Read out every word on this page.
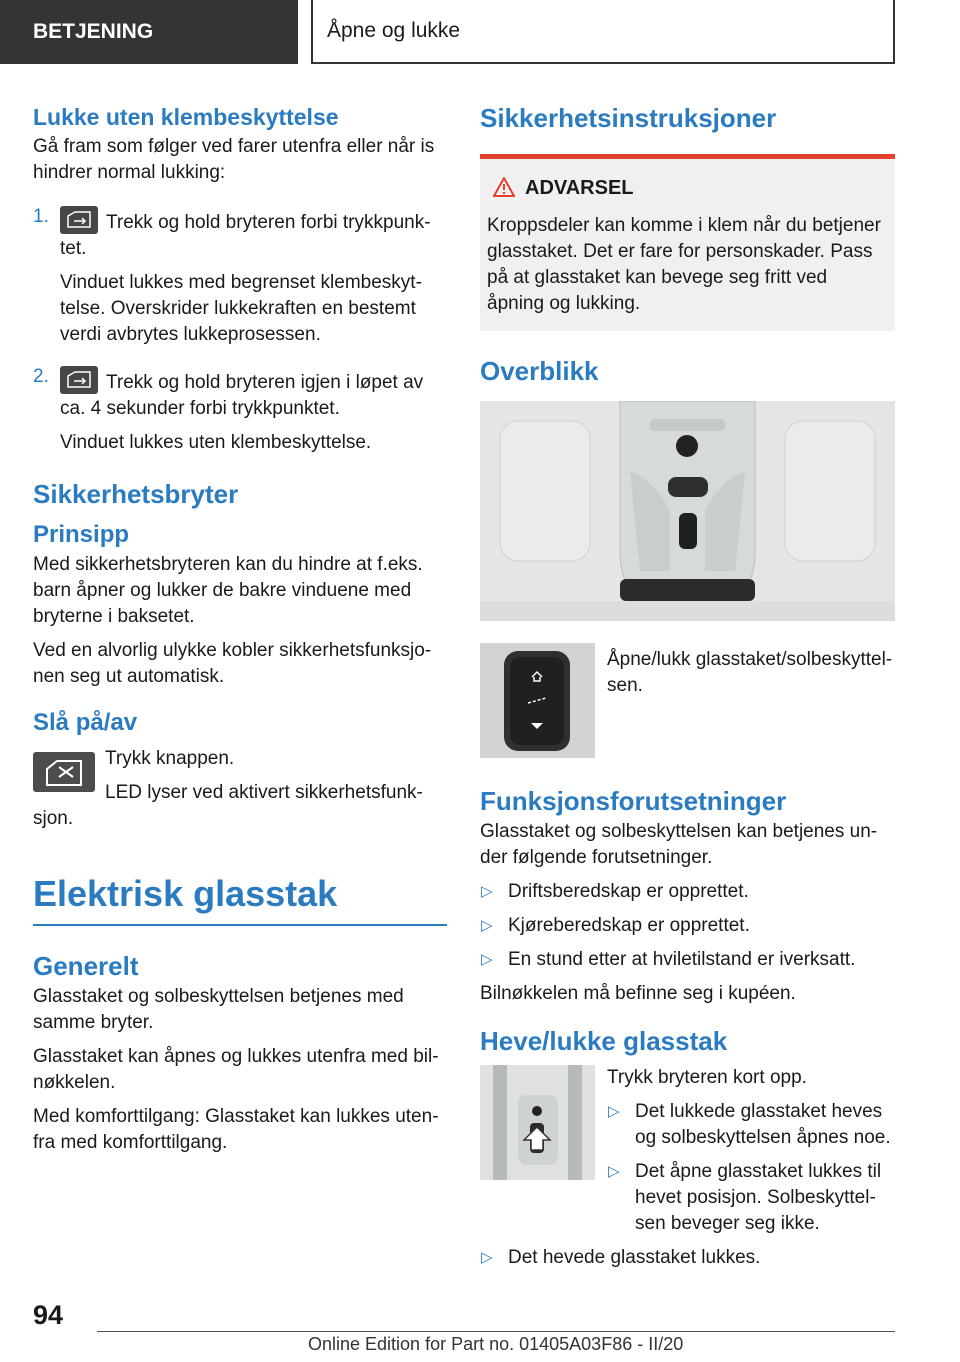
BETJENING	Åpne og lukke
Lukke uten klembeskyttelse

Gå fram som følger ved farer utenfra eller når is hindrer normal lukking:

1.	Trekk og hold bryteren forbi trykkpunk-tet.

Vinduet lukkes med begrenset klembeskyt-telse. Overskrider lukkekraften en bestemt verdi avbrytes lukkeprosessen.

2.	Trekk og hold bryteren igjen i løpet av ca. 4 sekunder forbi trykkpunktet.

Vinduet lukkes uten klembeskyttelse.

Sikkerhetsbryter
Prinsipp

Med sikkerhetsbryteren kan du hindre at f.eks. barn åpner og lukker de bakre vinduene med bryterne i baksetet.

Ved en alvorlig ulykke kobler sikkerhetsfunksjo-nen seg ut automatisk.

Slå på/av

Trykk knappen.

LED lyser ved aktivert sikkerhetsfunk-sjon.

Elektrisk glasstak
Generelt

Glasstaket og solbeskyttelsen betjenes med samme bryter.

Glasstaket kan åpnes og lukkes utenfra med bil-nøkkelen.

Med komforttilgang: Glasstaket kan lukkes uten-fra med komforttilgang.

Sikkerhetsinstruksjoner
ADVARSEL

Kroppsdeler kan komme i klem når du betjener glasstaket. Det er fare for personskader. Pass på at glasstaket kan bevege seg fritt ved åpning og lukking.

Overblikk

Åpne/lukk glasstaket/solbeskyttel-sen.

Funksjonsforutsetninger

Glasstaket og solbeskyttelsen kan betjenes un-der følgende forutsetninger.

▷ Driftsberedskap er opprettet.

▷ Kjøreberedskap er opprettet.

▷ En stund etter at hviletilstand er iverksatt.

Bilnøkkelen må befinne seg i kupéen.

Heve/lukke glasstak

Trykk bryteren kort opp.

▷ Det lukkede glasstaket heves og solbeskyttelsen åpnes noe.

▷ Det åpne glasstaket lukkes til hevet posisjon. Solbeskyttel-sen beveger seg ikke.

▷ Det hevede glasstaket lukkes.

94
Online Edition for Part no. 01405A03F86 - II/20
